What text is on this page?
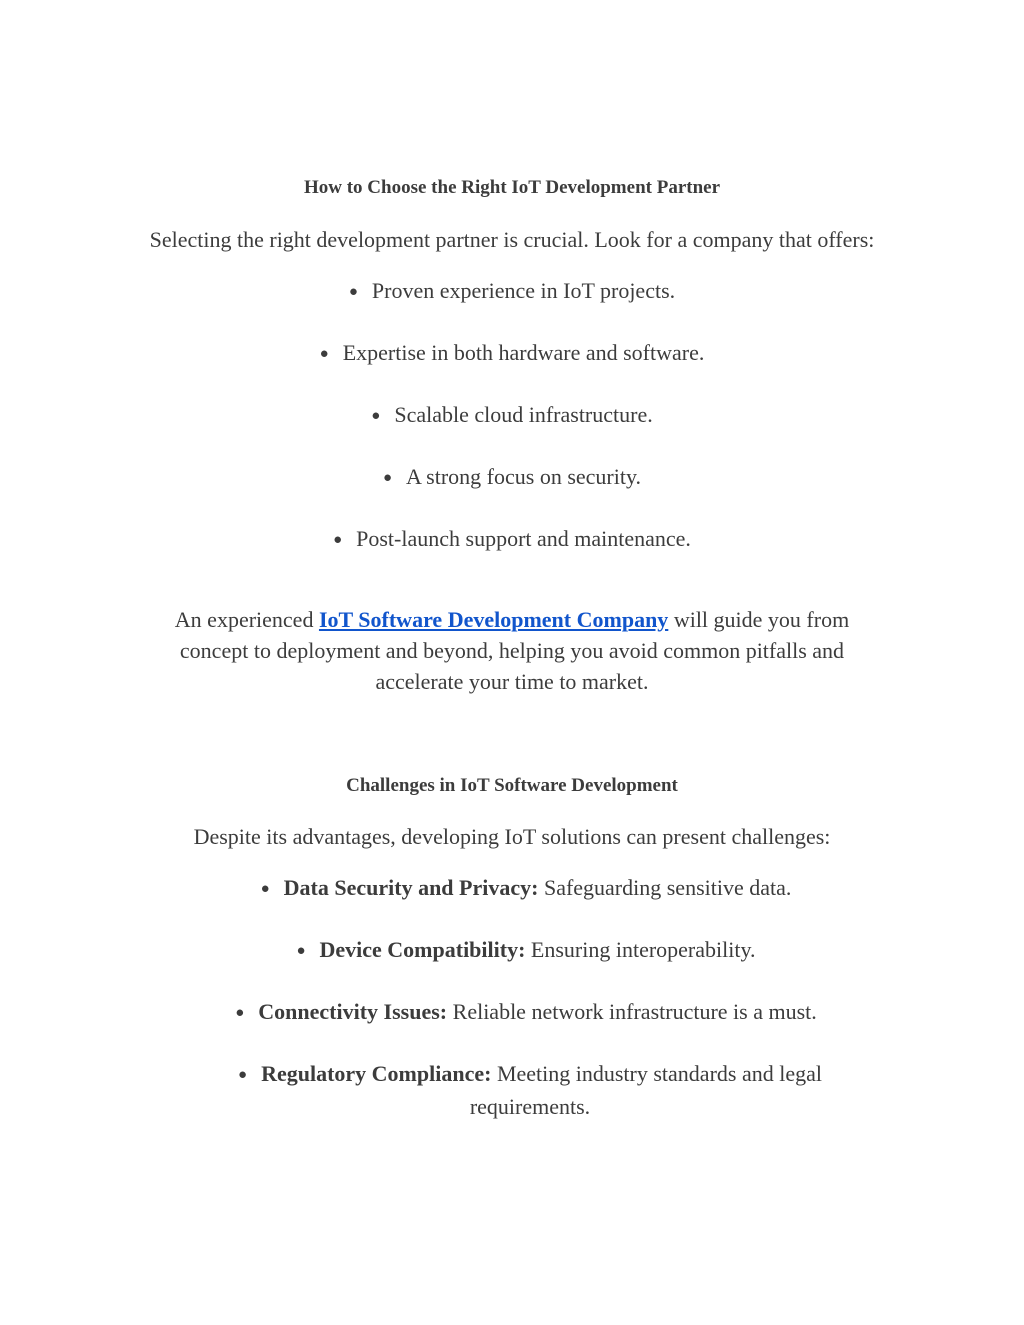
How to Choose the Right IoT Development Partner
Selecting the right development partner is crucial. Look for a company that offers:
● Proven experience in IoT projects.
● Expertise in both hardware and software.
● Scalable cloud infrastructure.
● A strong focus on security.
● Post-launch support and maintenance.
An experienced IoT Software Development Company will guide you from concept to deployment and beyond, helping you avoid common pitfalls and accelerate your time to market.
Challenges in IoT Software Development
Despite its advantages, developing IoT solutions can present challenges:
● Data Security and Privacy: Safeguarding sensitive data.
● Device Compatibility: Ensuring interoperability.
● Connectivity Issues: Reliable network infrastructure is a must.
● Regulatory Compliance: Meeting industry standards and legal requirements.
